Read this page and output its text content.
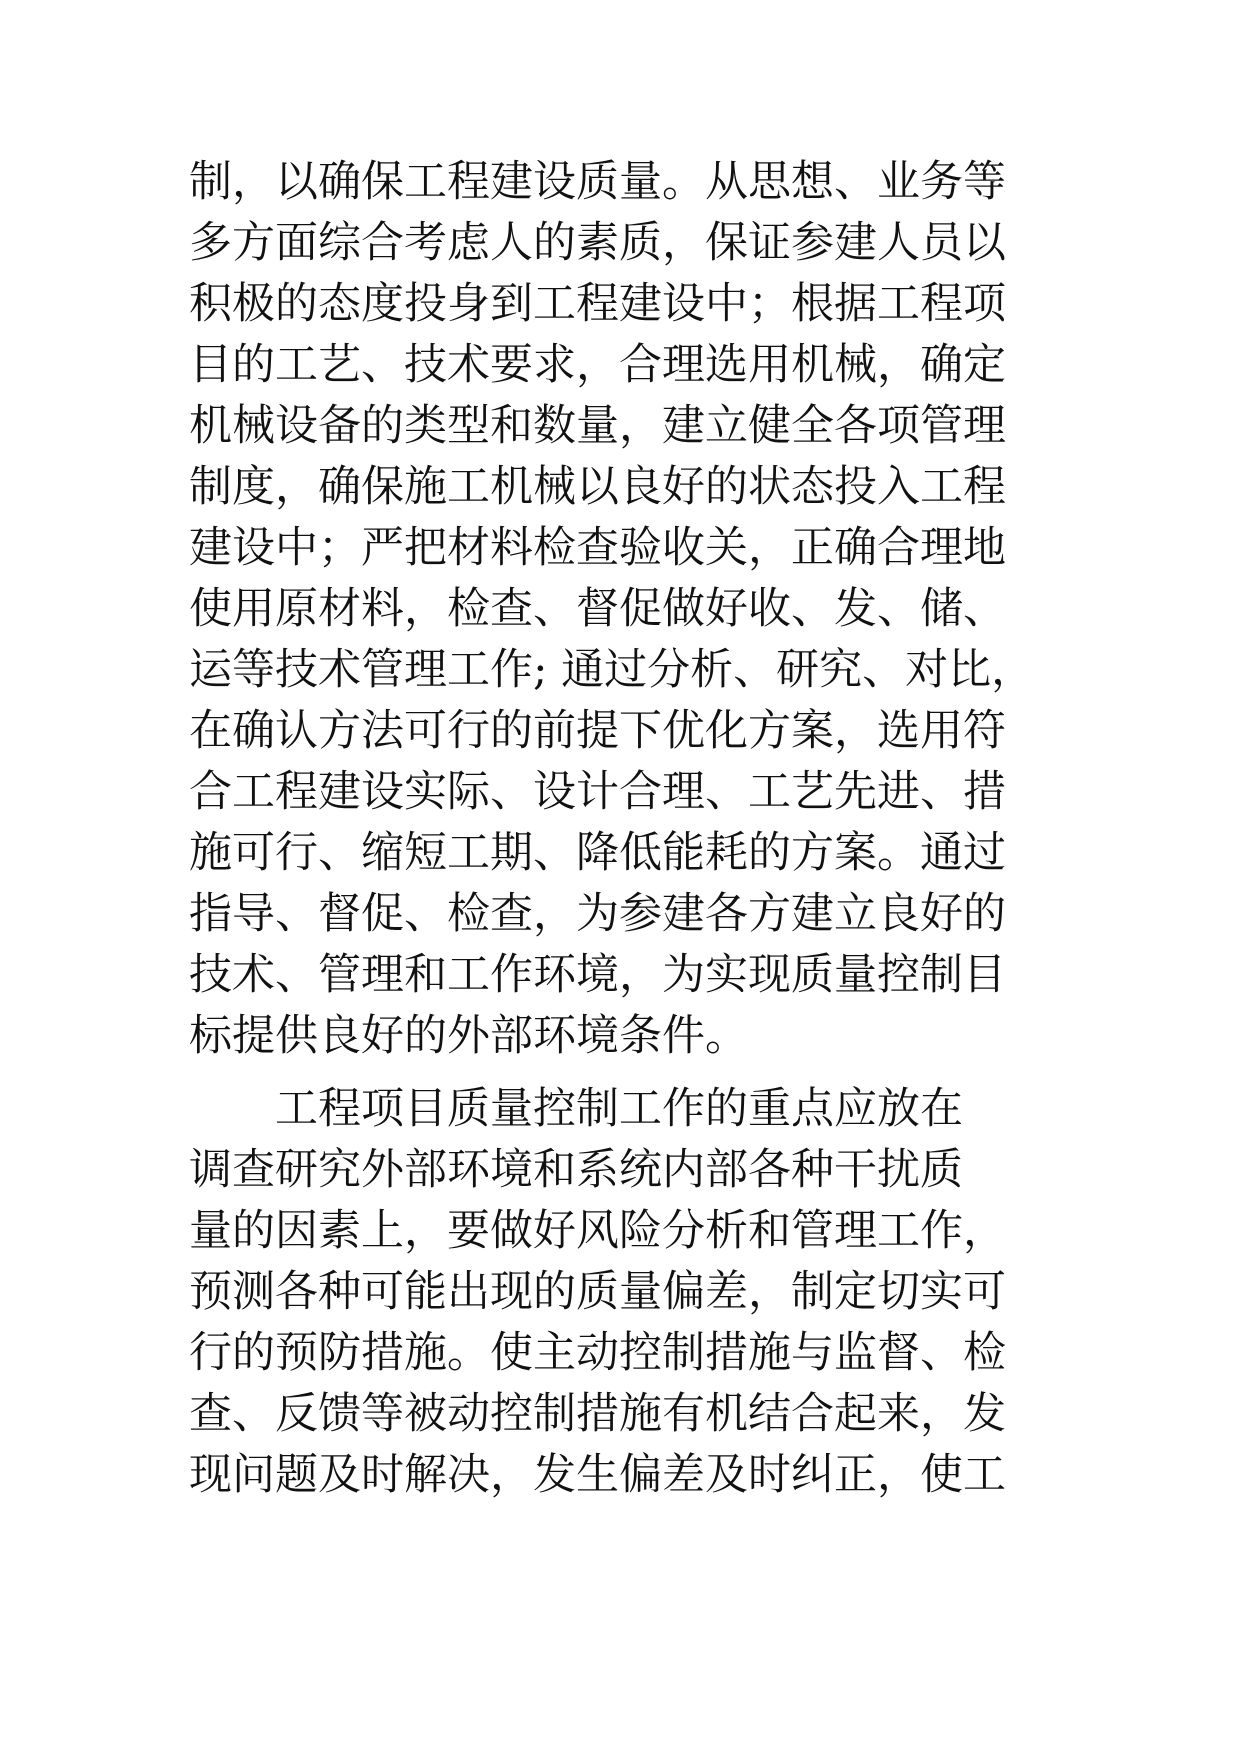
制，以确保工程建设质量。从思想、业务等
多方面综合考虑人的素质，保证参建人员以
积极的态度投身到工程建设中；根据工程项
目的工艺、技术要求，合理选用机械，确定
机械设备的类型和数量，建立健全各项管理
制度，确保施工机械以良好的状态投入工程
建设中；严把材料检查验收关，正确合理地
使用原材料，检查、督促做好收、发、储、
运等技术管理工作; 通过分析、研究、对比，
在确认方法可行的前提下优化方案，选用符
合工程建设实际、设计合理、工艺先进、措
施可行、缩短工期、降低能耗的方案。通过
指导、督促、检查，为参建各方建立良好的
技术、管理和工作环境，为实现质量控制目
标提供良好的外部环境条件。
工程项目质量控制工作的重点应放在
调查研究外部环境和系统内部各种干扰质
量的因素上，要做好风险分析和管理工作，
预测各种可能出现的质量偏差，制定切实可
行的预防措施。使主动控制措施与监督、检
查、反馈等被动控制措施有机结合起来，发
现问题及时解决，发生偏差及时纠正，使工
